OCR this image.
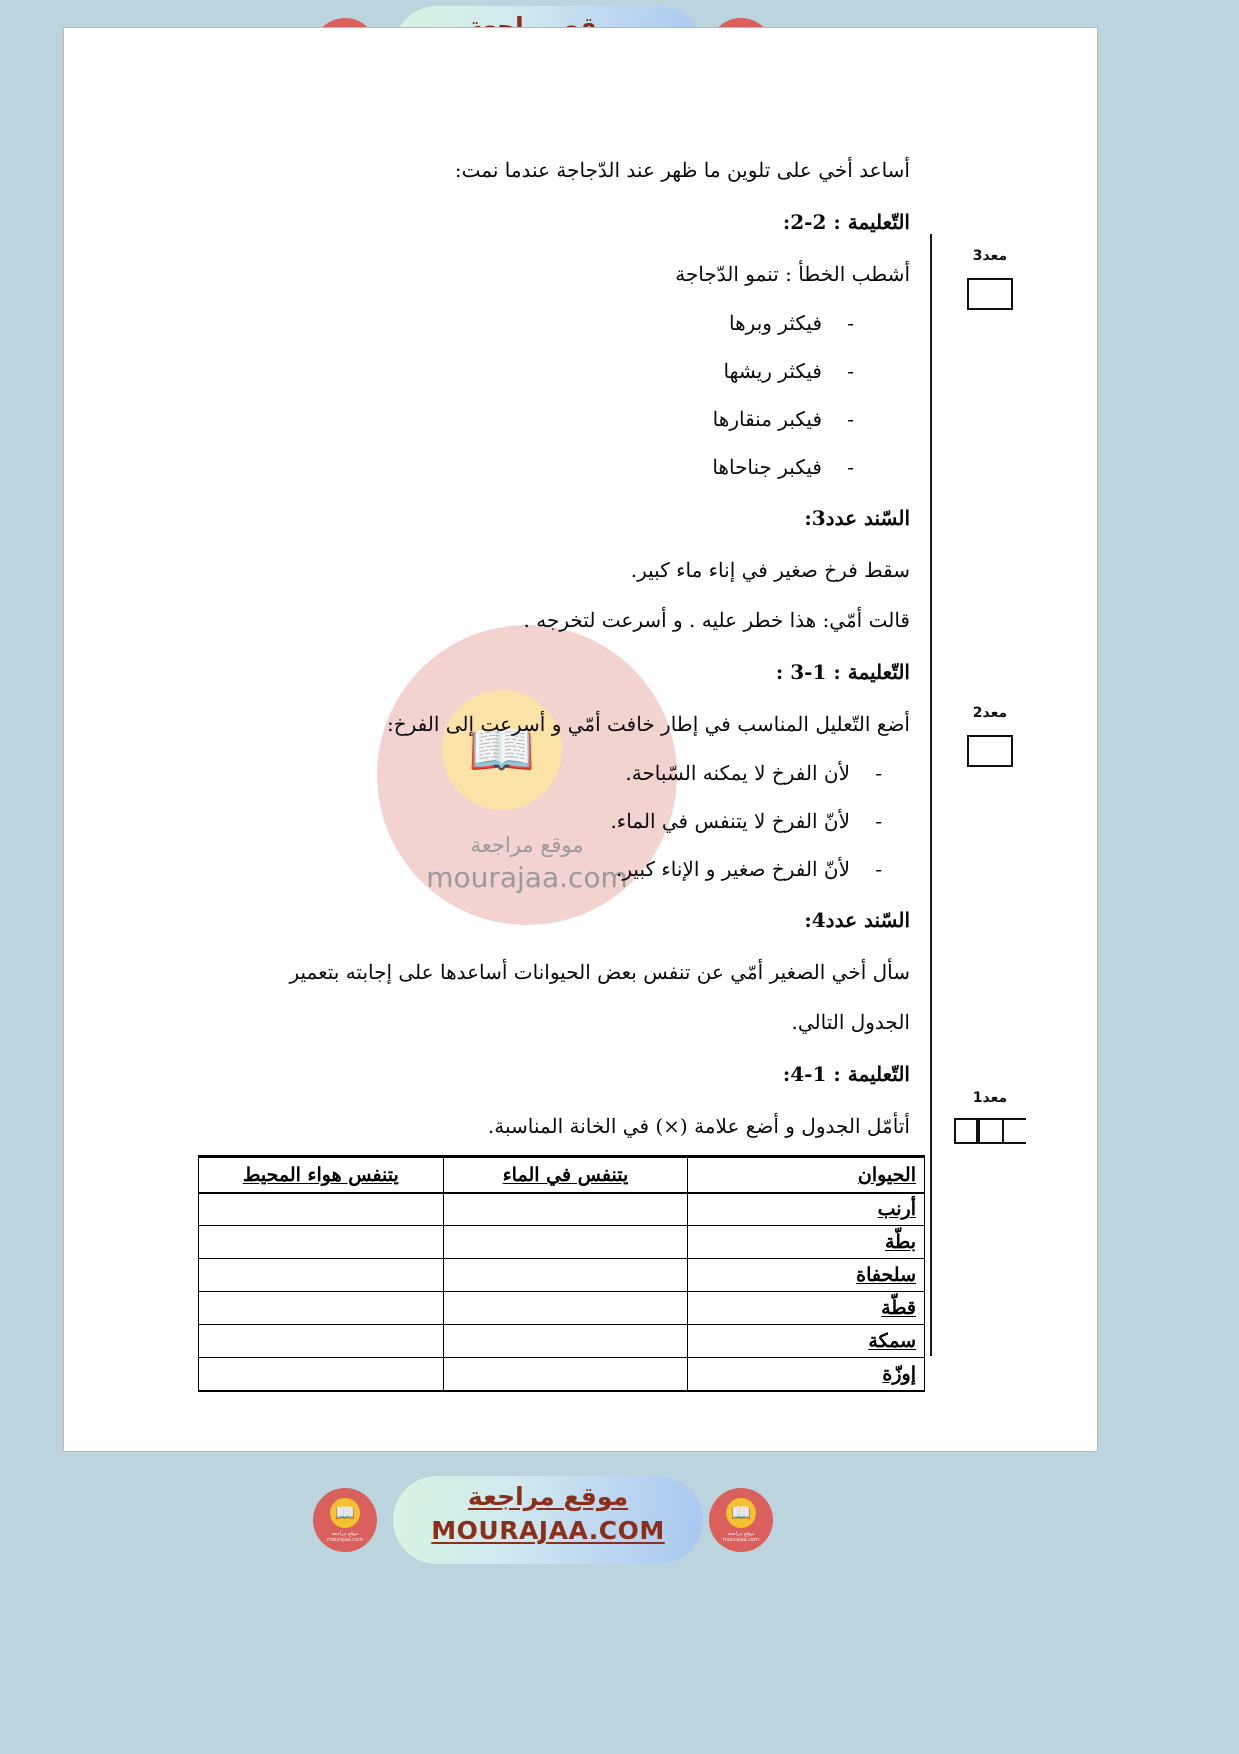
📖
موقع مراجعة
mourajaa.com
أساعد أخي على تلوين ما ظهر عند الدّجاجة عندما نمت:
التّعليمة : 2-2:
أشطب الخطأ : تنمو الدّجاجة
-
فيكثر وبرها
-
فيكثر ريشها
-
فيكبر منقارها
-
فيكبر جناحاها
السّند عدد3:
سقط فرخ صغير في إناء ماء كبير.
قالت أمّي: هذا خطر عليه . و أسرعت لتخرجه .
التّعليمة : 1-3 :
أضع التّعليل المناسب في إطار خافت أمّي و أسرعت إلى الفرخ:
-
لأن الفرخ لا يمكنه السّباحة.
-
لأنّ الفرخ لا يتنفس في الماء.
-
لأنّ الفرخ صغير و الإناء كبير.
السّند عدد4:
سأل أخي الصغير أمّي عن تنفس بعض الحيوانات أساعدها على إجابته بتعمير
الجدول التالي.
التّعليمة : 1-4:
أتأمّل الجدول و أضع علامة (×) في الخانة المناسبة.
معد3
معد2
معد1
الحيوان	يتنفس في الماء	يتنفس هواء المحيط
أرنب		
بطّة		
سلحفاة		
قطّة		
سمكة		
إوزّة		
📖
موقع مراجعة mourajaa.com
📖
موقع مراجعة mourajaa.com
موقع مراجعة
MOURAJAA.COM
